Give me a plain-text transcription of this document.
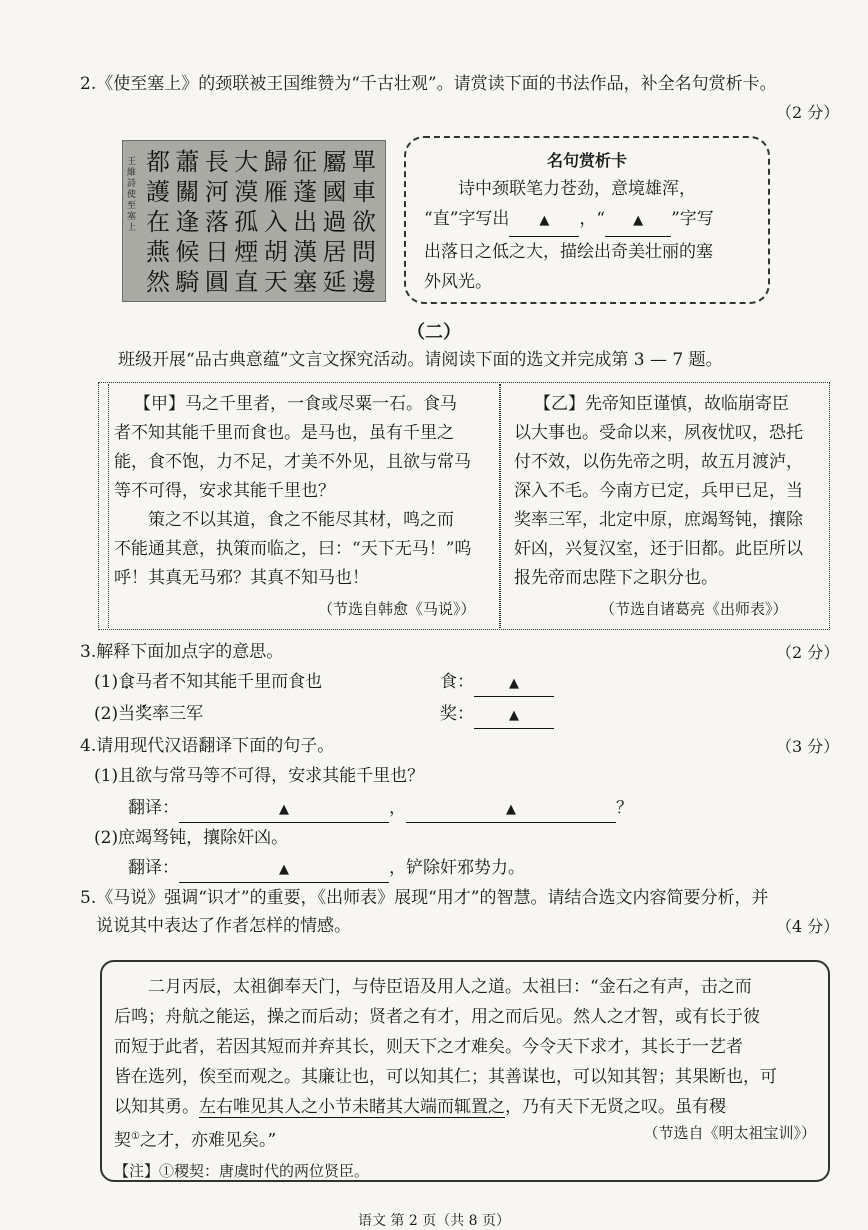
2.《使至塞上》的颈联被王国维赞为“千古壮观”。请赏读下面的书法作品，补全名句赏析卡。
（2 分）
王維詩使至塞上
單車欲問邊
屬國過居延
征蓬出漢塞
歸雁入胡天
大漠孤煙直
長河落日圓
蕭關逢候騎
都護在燕然
名句赏析卡
诗中颈联笔力苍劲，意境雄浑，
“直”字写出 ▲ ，“ ▲ ”字写
出落日之低之大，描绘出奇美壮丽的塞
外风光。
（二）
班级开展“品古典意蕴”文言文探究活动。请阅读下面的选文并完成第 3 — 7 题。
【甲】马之千里者，一食或尽粟一石。食马
者不知其能千里而食也。是马也，虽有千里之
能，食不饱，力不足，才美不外见，且欲与常马
等不可得，安求其能千里也？
　　策之不以其道，食之不能尽其材，鸣之而
不能通其意，执策而临之，曰：“天下无马！”呜
呼！其真无马邪？其真不知马也！
（节选自韩愈《马说》）
【乙】先帝知臣谨慎，故临崩寄臣
以大事也。受命以来，夙夜忧叹，恐托
付不效，以伤先帝之明，故五月渡泸，
深入不毛。今南方已定，兵甲已足，当
奖率三军，北定中原，庶竭驽钝，攘除
奸凶，兴复汉室，还于旧都。此臣所以
报先帝而忠陛下之职分也。
（节选自诸葛亮《出师表》）
3.解释下面加点字的意思。	（2 分）
(1)食马者不知其能千里而食也	食：	▲
(2)当奖 •率三军	奖：	▲
4.请用现代汉语翻译下面的句子。	（3 分）
(1)且欲与常马等不可得，安求其能千里也？
翻译：	▲	，	▲	？
(2)庶竭驽钝，攘除奸凶。
翻译：	▲	，铲除奸邪势力。
5.《马说》强调“识才”的重要，《出师表》展现“用才”的智慧。请结合选文内容简要分析，并
说说其中表达了作者怎样的情感。	（4 分）
　　二月丙辰，太祖御奉天门，与侍臣语及用人之道。太祖曰：“金石之有声，击之而
后鸣；舟航之能运，操之而后动；贤者之有才，用之而后见。然人之才智，或有长于彼
而短于此者，若因其短而并弃其长，则天下之才难矣。今令天下求才，其长于一艺者
皆在选列，俟至而观之。其廉让也，可以知其仁；其善谋也，可以知其智；其果断也，可
以知其勇。左右唯见其人之小节未睹其大端而辄置之，乃有天下无贤之叹。虽有稷
契①之才，亦难见矣。”
【注】①稷契：唐虞时代的两位贤臣。
（节选自《明太祖宝训》）
语文 第 2 页（共 8 页）
